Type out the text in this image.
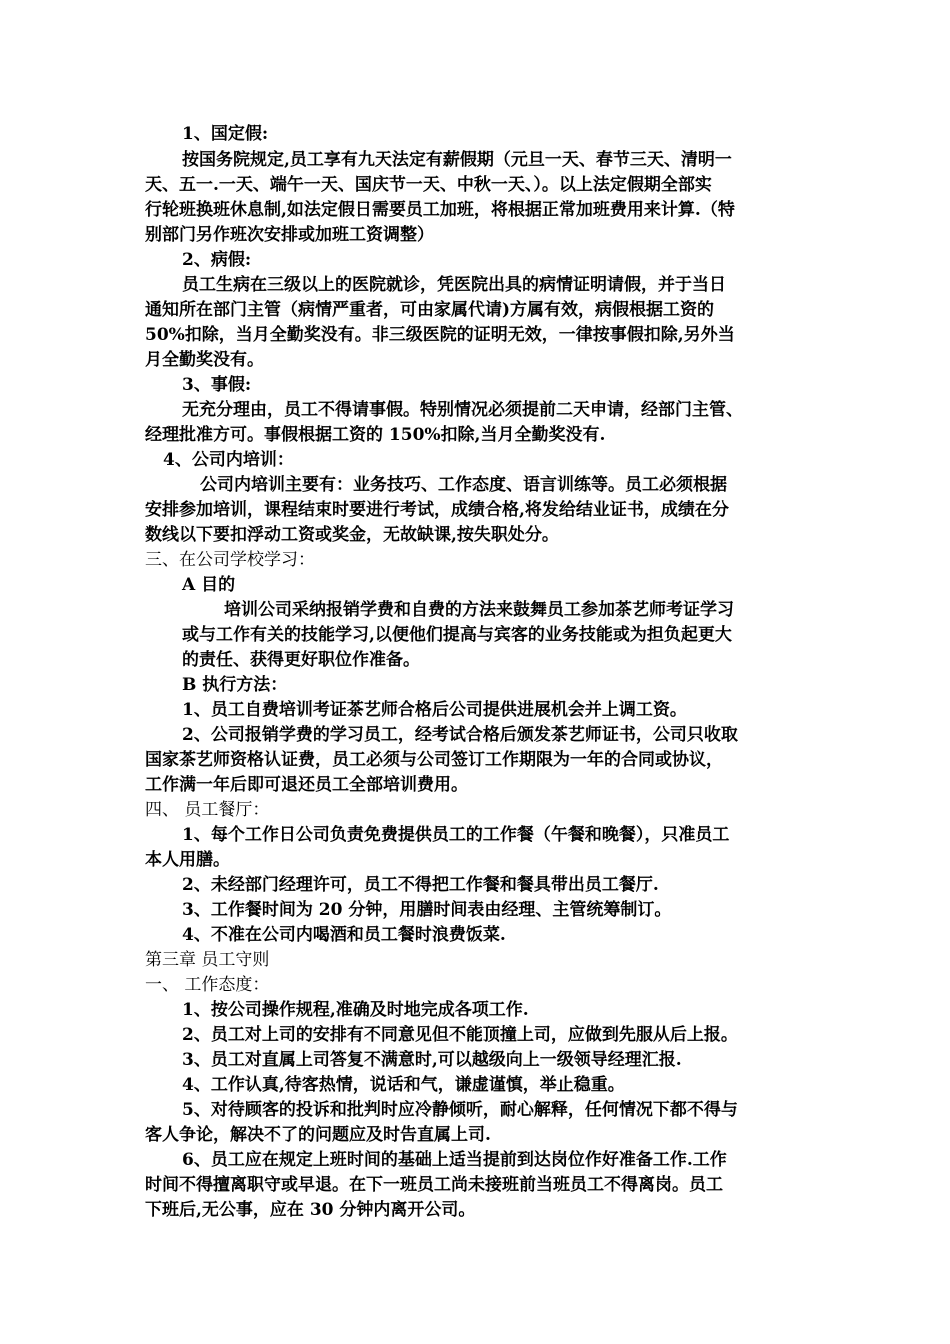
1、国定假:
按国务院规定,员工享有九天法定有薪假期（元旦一天、春节三天、清明一
天、五一.一天、端午一天、国庆节一天、中秋一天、）。以上法定假期全部实
行轮班换班休息制,如法定假日需要员工加班，将根据正常加班费用来计算.（特
别部门另作班次安排或加班工资调整）
2、病假:
员工生病在三级以上的医院就诊，凭医院出具的病情证明请假，并于当日
通知所在部门主管（病情严重者，可由家属代请)方属有效，病假根据工资的
50%扣除，当月全勤奖没有。非三级医院的证明无效，一律按事假扣除,另外当
月全勤奖没有。
3、事假:
无充分理由，员工不得请事假。特别情况必须提前二天申请，经部门主管、
经理批准方可。事假根据工资的 150%扣除,当月全勤奖没有.
4、公司内培训：
公司内培训主要有：业务技巧、工作态度、语言训练等。员工必须根据
安排参加培训，课程结束时要进行考试，成绩合格,将发给结业证书，成绩在分
数线以下要扣浮动工资或奖金，无故缺课,按失职处分。
三、在公司学校学习：
A 目的
培训公司采纳报销学费和自费的方法来鼓舞员工参加茶艺师考证学习
或与工作有关的技能学习,以便他们提高与宾客的业务技能或为担负起更大
的责任、获得更好职位作准备。
B 执行方法：
1、员工自费培训考证茶艺师合格后公司提供进展机会并上调工资。
2、公司报销学费的学习员工，经考试合格后颁发茶艺师证书，公司只收取
国家茶艺师资格认证费，员工必须与公司签订工作期限为一年的合同或协议，
工作满一年后即可退还员工全部培训费用。
四、 员工餐厅：
1、每个工作日公司负责免费提供员工的工作餐（午餐和晚餐），只准员工
本人用膳。
2、未经部门经理许可，员工不得把工作餐和餐具带出员工餐厅.
3、工作餐时间为 20 分钟，用膳时间表由经理、主管统筹制订。
4、不准在公司内喝酒和员工餐时浪费饭菜.
第三章 员工守则
一、 工作态度：
1、按公司操作规程,准确及时地完成各项工作.
2、员工对上司的安排有不同意见但不能顶撞上司，应做到先服从后上报。
3、员工对直属上司答复不满意时,可以越级向上一级领导经理汇报.
4、工作认真,待客热情，说话和气，谦虚谨慎，举止稳重。
5、对待顾客的投诉和批判时应冷静倾听，耐心解释，任何情况下都不得与
客人争论，解决不了的问题应及时告直属上司.
6、员工应在规定上班时间的基础上适当提前到达岗位作好准备工作.工作
时间不得擅离职守或早退。在下一班员工尚未接班前当班员工不得离岗。员工
下班后,无公事，应在 30 分钟内离开公司。
